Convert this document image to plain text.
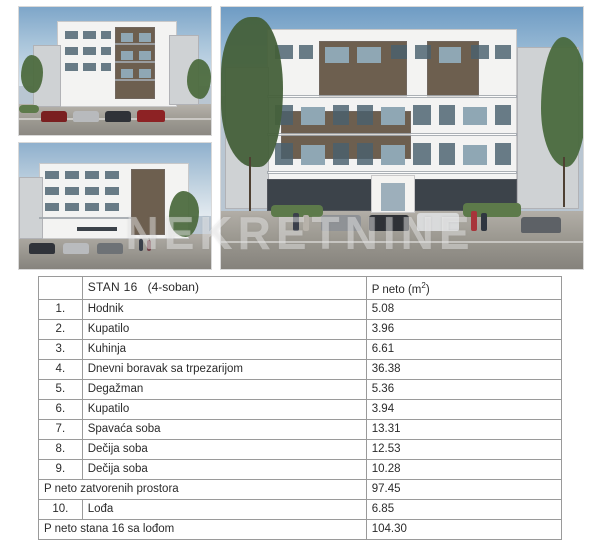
NEKRETNINE
	STAN 16 (4-soban)	P neto $(m^2)$
1.	Hodnik	5.08
2.	Kupatilo	3.96
3.	Kuhinja	6.61
4.	Dnevni boravak sa trpezarijom	36.38
5.	Degažman	5.36
6.	Kupatilo	3.94
7.	Spavaća soba	13.31
8.	Dečija soba	12.53
9.	Dečija soba	10.28
P neto zatvorenih prostora		97.45
10.	Lođa	6.85
P neto stana 16 sa lođom		104.30
